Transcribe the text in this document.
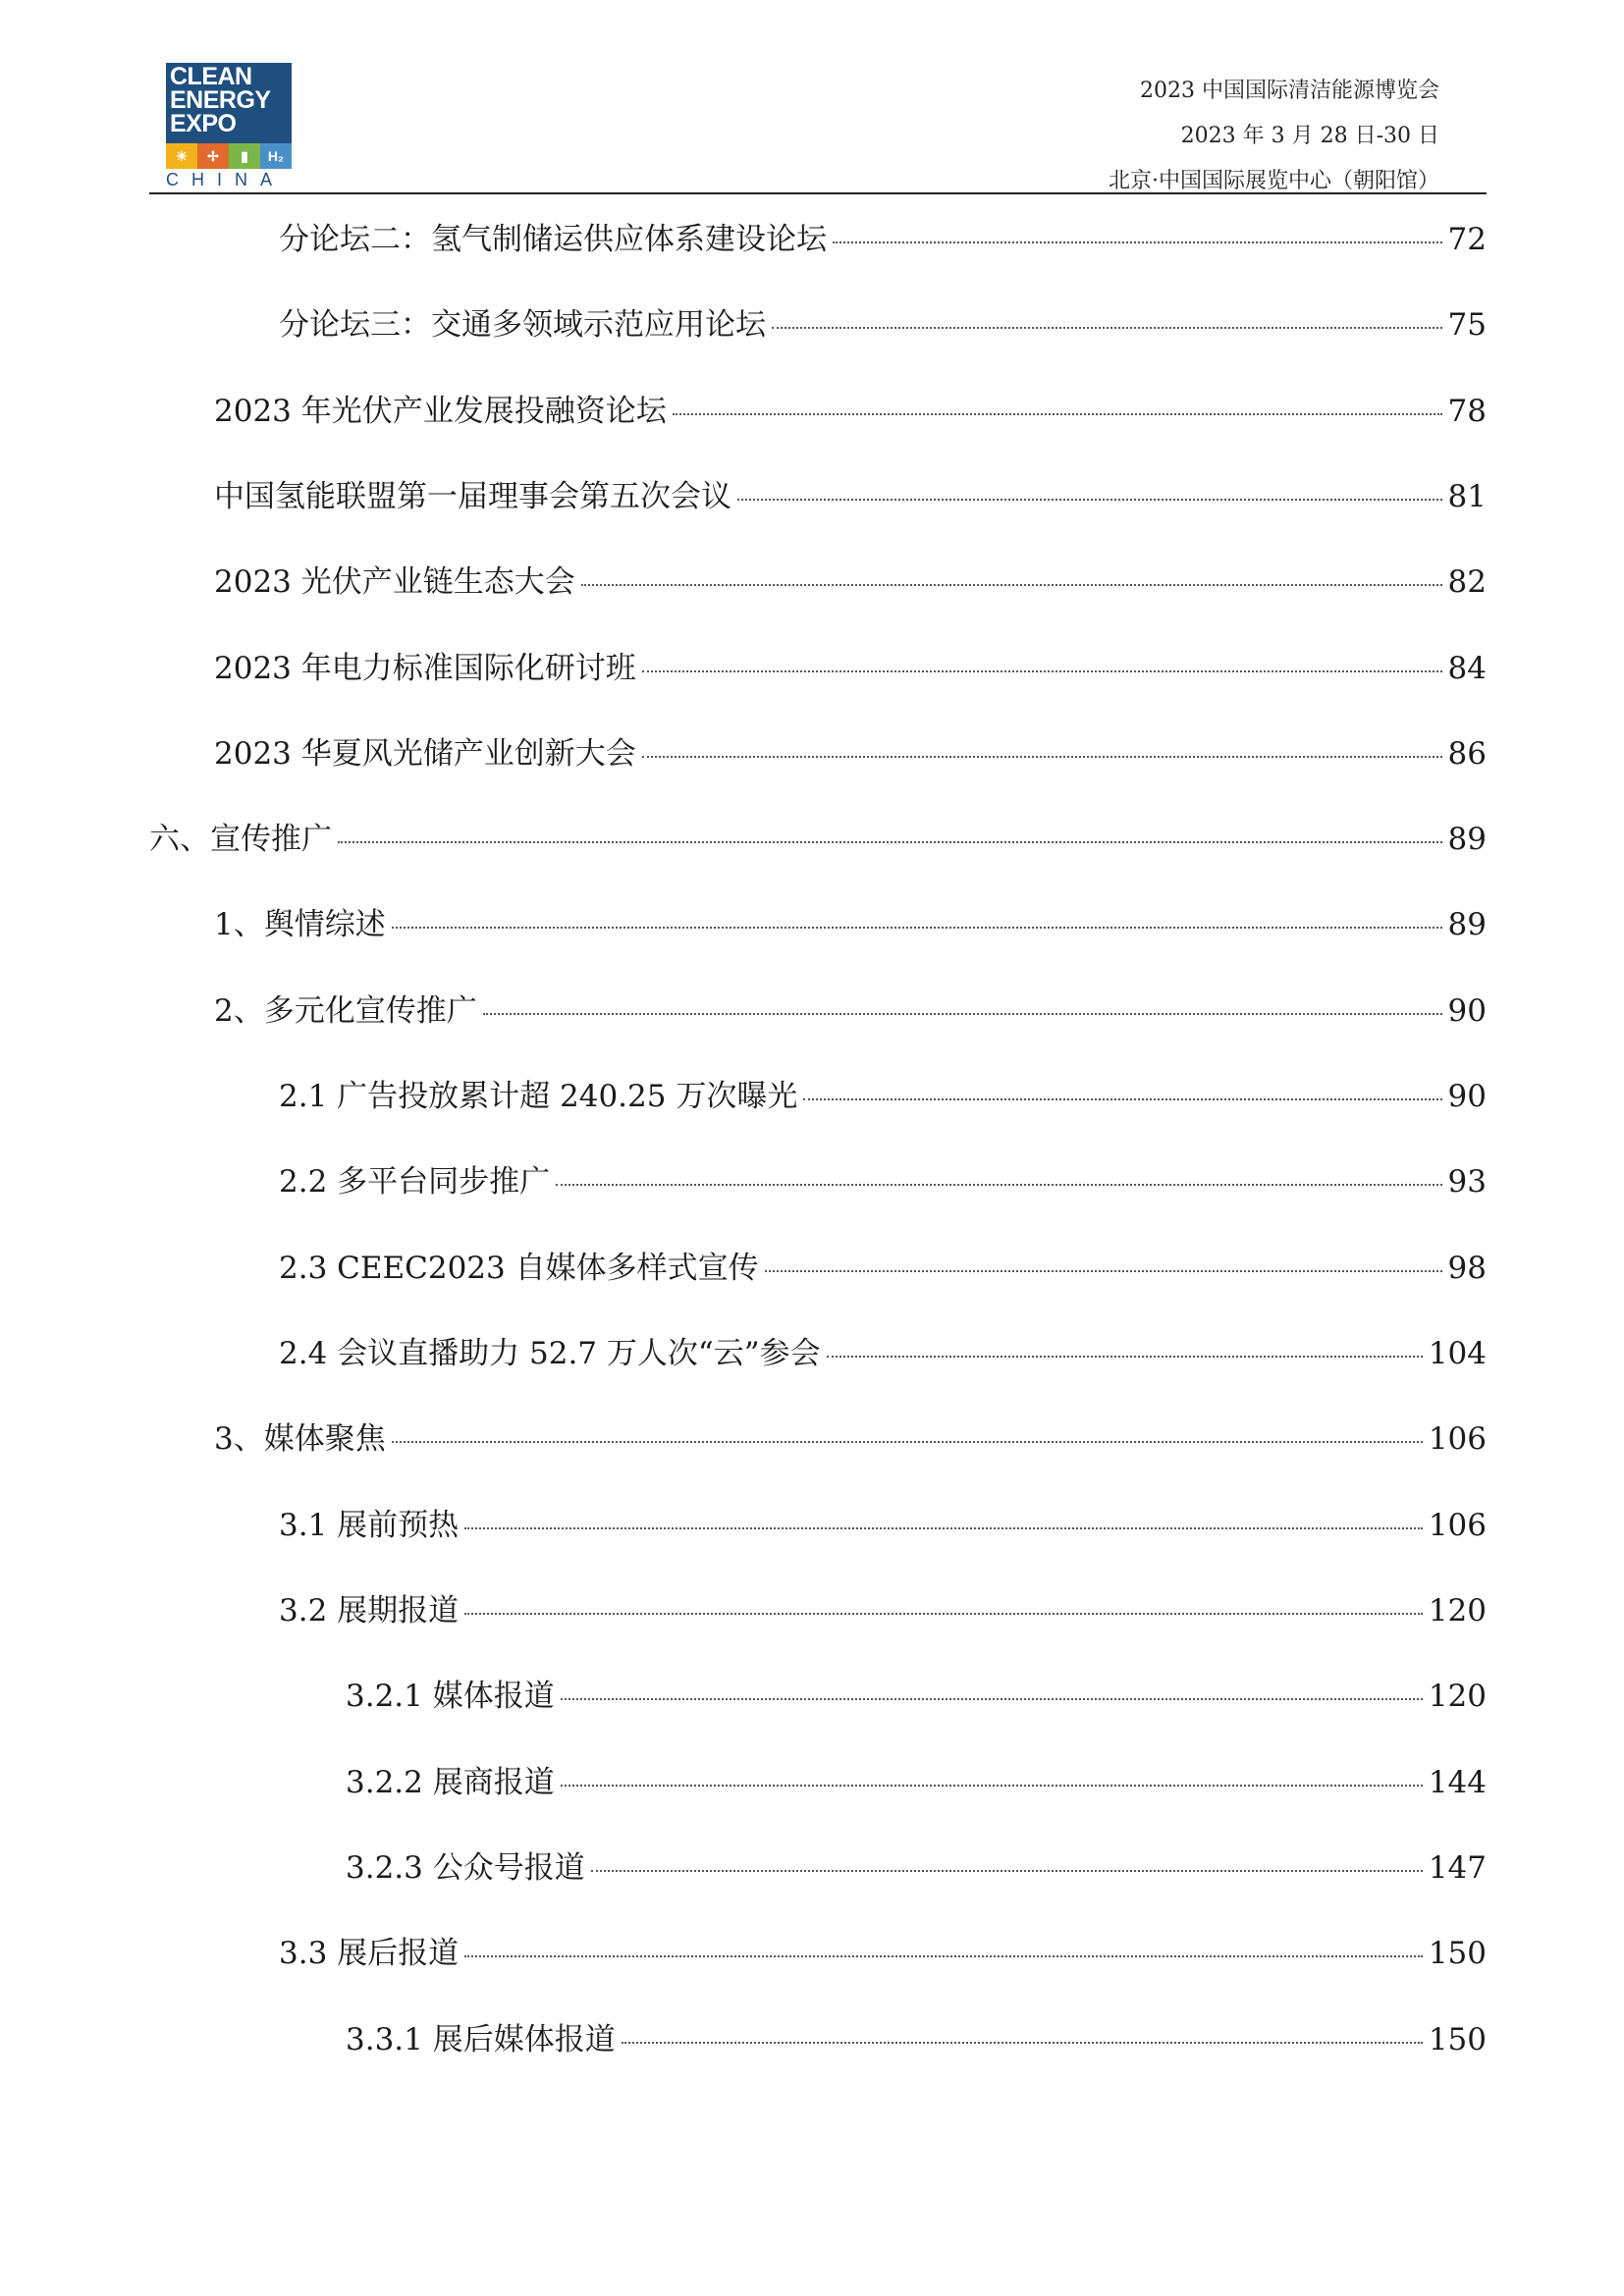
CLEAN
ENERGY
EXPO
☀	✢	▮	H₂
CHINA
2023 中国国际清洁能源博览会
2023 年 3 月 28 日-30 日
北京·中国国际展览中心（朝阳馆）
分论坛二：氢气制储运供应体系建设论坛	72
分论坛三：交通多领域示范应用论坛	75
2023 年光伏产业发展投融资论坛	78
中国氢能联盟第一届理事会第五次会议	81
2023 光伏产业链生态大会	82
2023 年电力标准国际化研讨班	84
2023 华夏风光储产业创新大会	86
六、宣传推广	89
1、舆情综述	89
2、多元化宣传推广	90
2.1 广告投放累计超 240.25 万次曝光	90
2.2 多平台同步推广	93
2.3 CEEC2023 自媒体多样式宣传	98
2.4 会议直播助力 52.7 万人次“云”参会	104
3、媒体聚焦	106
3.1 展前预热	106
3.2 展期报道	120
3.2.1 媒体报道	120
3.2.2 展商报道	144
3.2.3 公众号报道	147
3.3 展后报道	150
3.3.1 展后媒体报道	150
